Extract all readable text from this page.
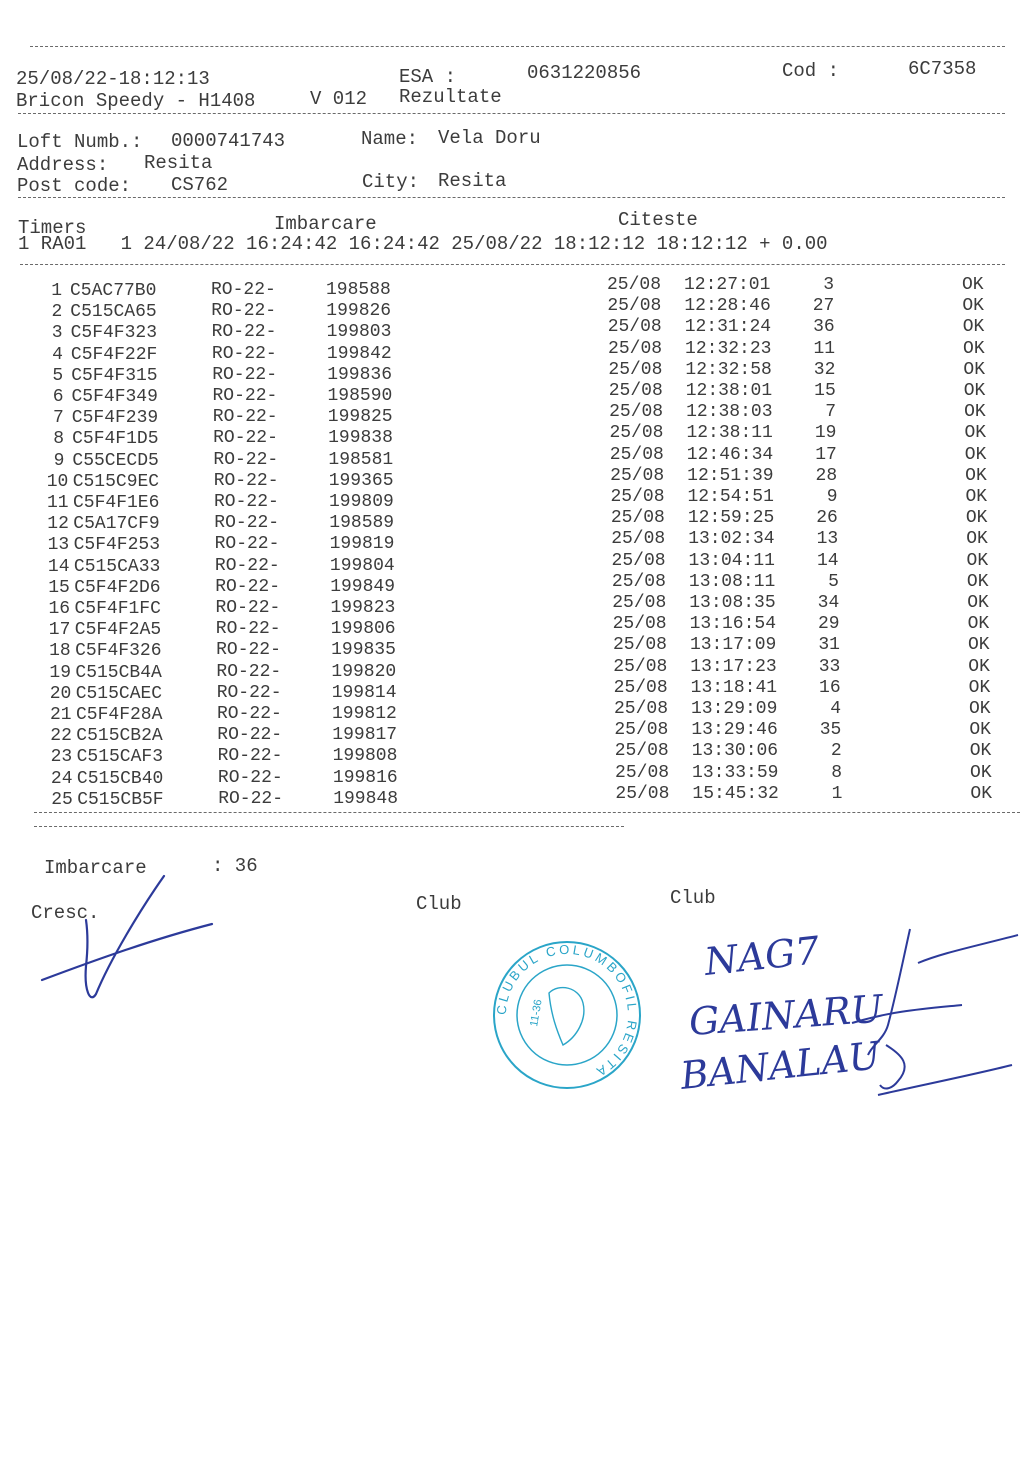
25/08/22-18:12:13	ESA :	0631220856	Cod :	6C7358
Bricon Speedy - H1408	V 012 Rezultate
Loft Numb.: 0000741743	Name: Vela Doru
Address: Resita
Post code: CS762	City: Resita
Timers	Imbarcare	Citeste
1 RA01   1 24/08/22 16:24:42 16:24:42 25/08/22 18:12:12 18:12:12 + 0.00
1 C5AC77B0	RO-22-	198588	25/08 12:27:01	3	OK
2 C515CA65	RO-22-	199826	25/08 12:28:46 27	OK
3 C5F4F323	RO-22-	199803	25/08 12:31:24 36	OK
4 C5F4F22F	RO-22-	199842	25/08 12:32:23 11	OK
5 C5F4F315	RO-22-	199836	25/08 12:32:58 32	OK
6 C5F4F349	RO-22-	198590	25/08 12:38:01 15	OK
7 C5F4F239	RO-22-	199825	25/08 12:38:03	7	OK
8 C5F4F1D5	RO-22-	199838	25/08 12:38:11 19	OK
9 C55CECD5	RO-22-	198581	25/08 12:46:34 17	OK
10 C515C9EC	RO-22-	199365	25/08 12:51:39 28	OK
11 C5F4F1E6	RO-22-	199809	25/08 12:54:51	9	OK
12 C5A17CF9	RO-22-	198589	25/08 12:59:25 26	OK
13 C5F4F253	RO-22-	199819	25/08 13:02:34 13	OK
14 C515CA33	RO-22-	199804	25/08 13:04:11 14	OK
15 C5F4F2D6	RO-22-	199849	25/08 13:08:11	5	OK
16 C5F4F1FC	RO-22-	199823	25/08 13:08:35 34	OK
17 C5F4F2A5	RO-22-	199806	25/08 13:16:54 29	OK
18 C5F4F326	RO-22-	199835	25/08 13:17:09 31	OK
19 C515CB4A	RO-22-	199820	25/08 13:17:23 33	OK
20 C515CAEC	RO-22-	199814	25/08 13:18:41 16	OK
21 C5F4F28A	RO-22-	199812	25/08 13:29:09	4	OK
22 C515CB2A	RO-22-	199817	25/08 13:29:46 35	OK
23 C515CAF3	RO-22-	199808	25/08 13:30:06	2	OK
24 C515CB40	RO-22-	199816	25/08 13:33:59	8	OK
25 C515CB5F	RO-22-	199848	25/08 15:45:32	1	OK
Imbarcare	: 36
Cresc.	Club	Club
CLUBUL COLUMBOFIL RESITA
11-36
NAG7
GAINARU
BANALAU
